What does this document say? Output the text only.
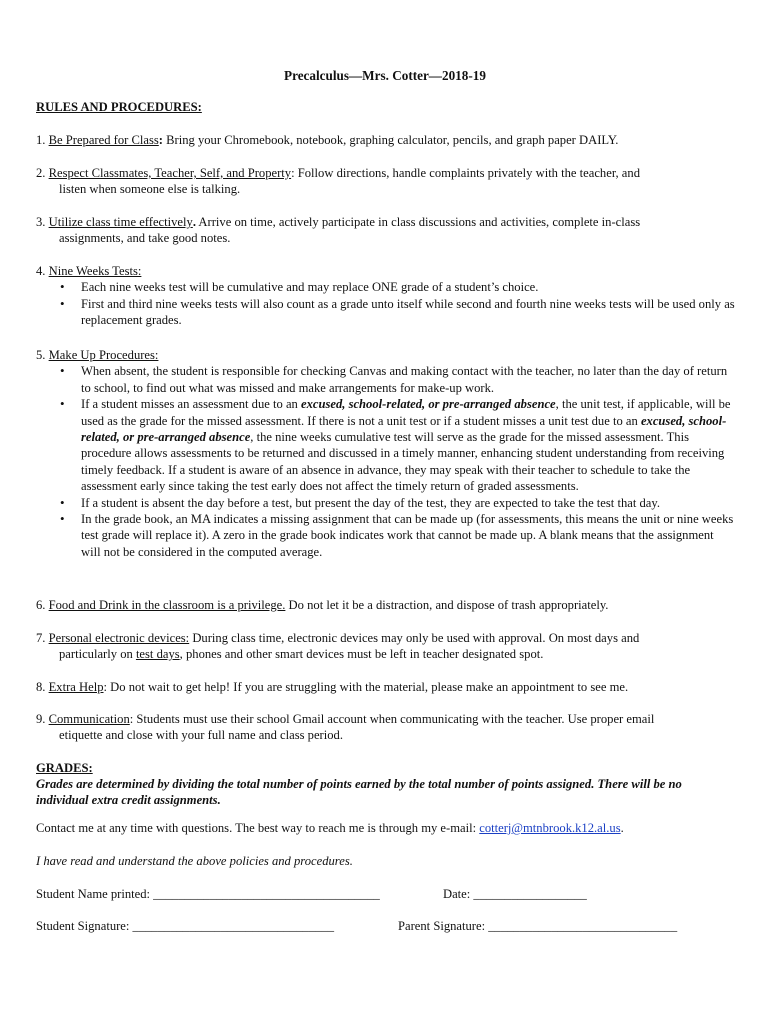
Precalculus—Mrs. Cotter—2018-19
RULES AND PROCEDURES:
1. Be Prepared for Class: Bring your Chromebook, notebook, graphing calculator, pencils, and graph paper DAILY.
2. Respect Classmates, Teacher, Self, and Property: Follow directions, handle complaints privately with the teacher, and
listen when someone else is talking.
3. Utilize class time effectively. Arrive on time, actively participate in class discussions and activities, complete in-class
assignments, and take good notes.
4. Nine Weeks Tests:
• Each nine weeks test will be cumulative and may replace ONE grade of a student’s choice.
• First and third nine weeks tests will also count as a grade unto itself while second and fourth nine weeks tests will be used only as replacement grades.
5. Make Up Procedures:
• When absent, the student is responsible for checking Canvas and making contact with the teacher, no later than the day of return to school, to find out what was missed and make arrangements for make-up work.
• If a student misses an assessment due to an excused, school-related, or pre-arranged absence, the unit test, if applicable, will be used as the grade for the missed assessment. If there is not a unit test or if a student misses a unit test due to an excused, school-related, or pre-arranged absence, the nine weeks cumulative test will serve as the grade for the missed assessment. This procedure allows assessments to be returned and discussed in a timely manner, enhancing student understanding from receiving timely feedback. If a student is aware of an absence in advance, they may speak with their teacher to schedule to take the assessment early since taking the test early does not affect the timely return of graded assessments.
• If a student is absent the day before a test, but present the day of the test, they are expected to take the test that day.
• In the grade book, an MA indicates a missing assignment that can be made up (for assessments, this means the unit or nine weeks test grade will replace it). A zero in the grade book indicates work that cannot be made up. A blank means that the assignment will not be considered in the computed average.
6. Food and Drink in the classroom is a privilege. Do not let it be a distraction, and dispose of trash appropriately.
7. Personal electronic devices: During class time, electronic devices may only be used with approval. On most days and
particularly on test days, phones and other smart devices must be left in teacher designated spot.
8. Extra Help: Do not wait to get help! If you are struggling with the material, please make an appointment to see me.
9. Communication: Students must use their school Gmail account when communicating with the teacher. Use proper email
etiquette and close with your full name and class period.
GRADES:
Grades are determined by dividing the total number of points earned by the total number of points assigned. There will be no individual extra credit assignments.
Contact me at any time with questions. The best way to reach me is through my e-mail: cotterj@mtnbrook.k12.al.us.
I have read and understand the above policies and procedures.
Student Name printed: ____________________________________	Date: __________________
Student Signature: ________________________________	Parent Signature: ______________________________
